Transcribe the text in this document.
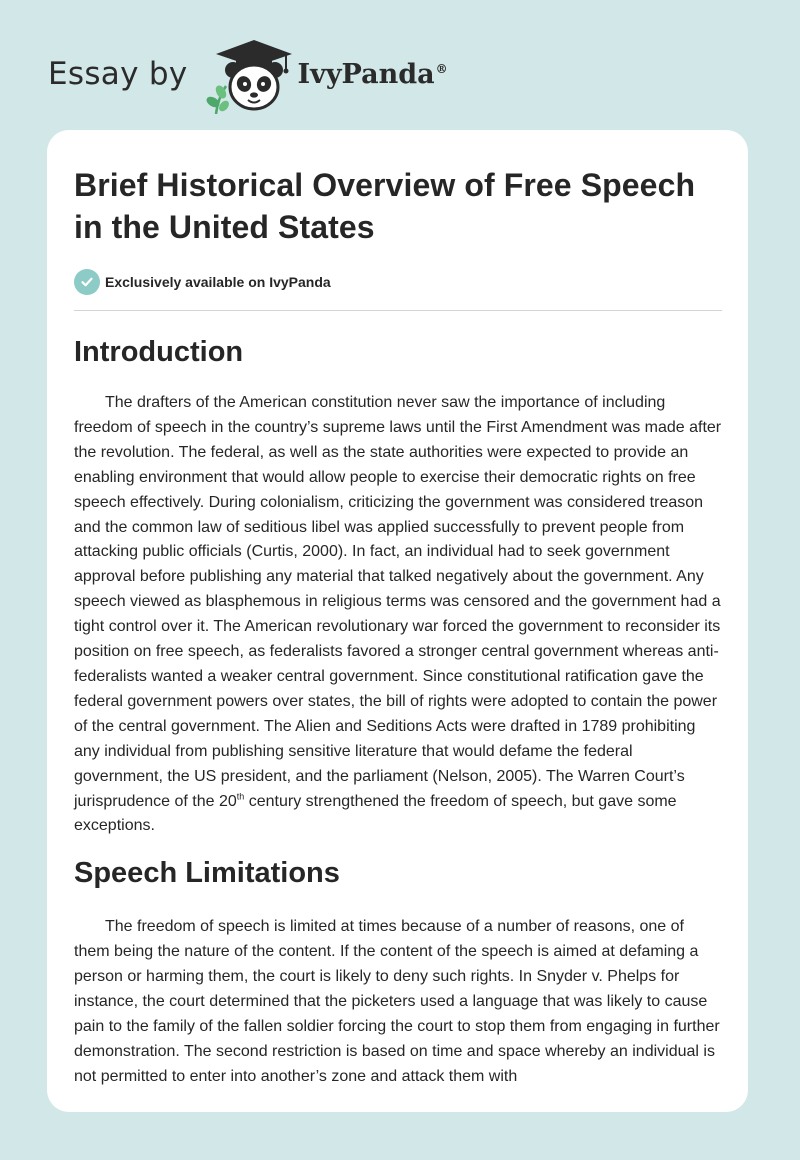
Essay by	IvyPanda®
Brief Historical Overview of Free Speech in the United States
Exclusively available on IvyPanda
Introduction

The drafters of the American constitution never saw the importance of including freedom of speech in the country’s supreme laws until the First Amendment was made after the revolution. The federal, as well as the state authorities were expected to provide an enabling environment that would allow people to exercise their democratic rights on free speech effectively. During colonialism, criticizing the government was considered treason and the common law of seditious libel was applied successfully to prevent people from attacking public officials (Curtis, 2000). In fact, an individual had to seek government approval before publishing any material that talked negatively about the government. Any speech viewed as blasphemous in religious terms was censored and the government had a tight control over it. The American revolutionary war forced the government to reconsider its position on free speech, as federalists favored a stronger central government whereas anti-federalists wanted a weaker central government. Since constitutional ratification gave the federal government powers over states, the bill of rights were adopted to contain the power of the central government. The Alien and Seditions Acts were drafted in 1789 prohibiting any individual from publishing sensitive literature that would defame the federal government, the US president, and the parliament (Nelson, 2005). The Warren Court’s jurisprudence of the 20th century strengthened the freedom of speech, but gave some exceptions.

Speech Limitations

The freedom of speech is limited at times because of a number of reasons, one of them being the nature of the content. If the content of the speech is aimed at defaming a person or harming them, the court is likely to deny such rights. In Snyder v. Phelps for instance, the court determined that the picketers used a language that was likely to cause pain to the family of the fallen soldier forcing the court to stop them from engaging in further demonstration. The second restriction is based on time and space whereby an individual is not permitted to enter into another’s zone and attack them with
